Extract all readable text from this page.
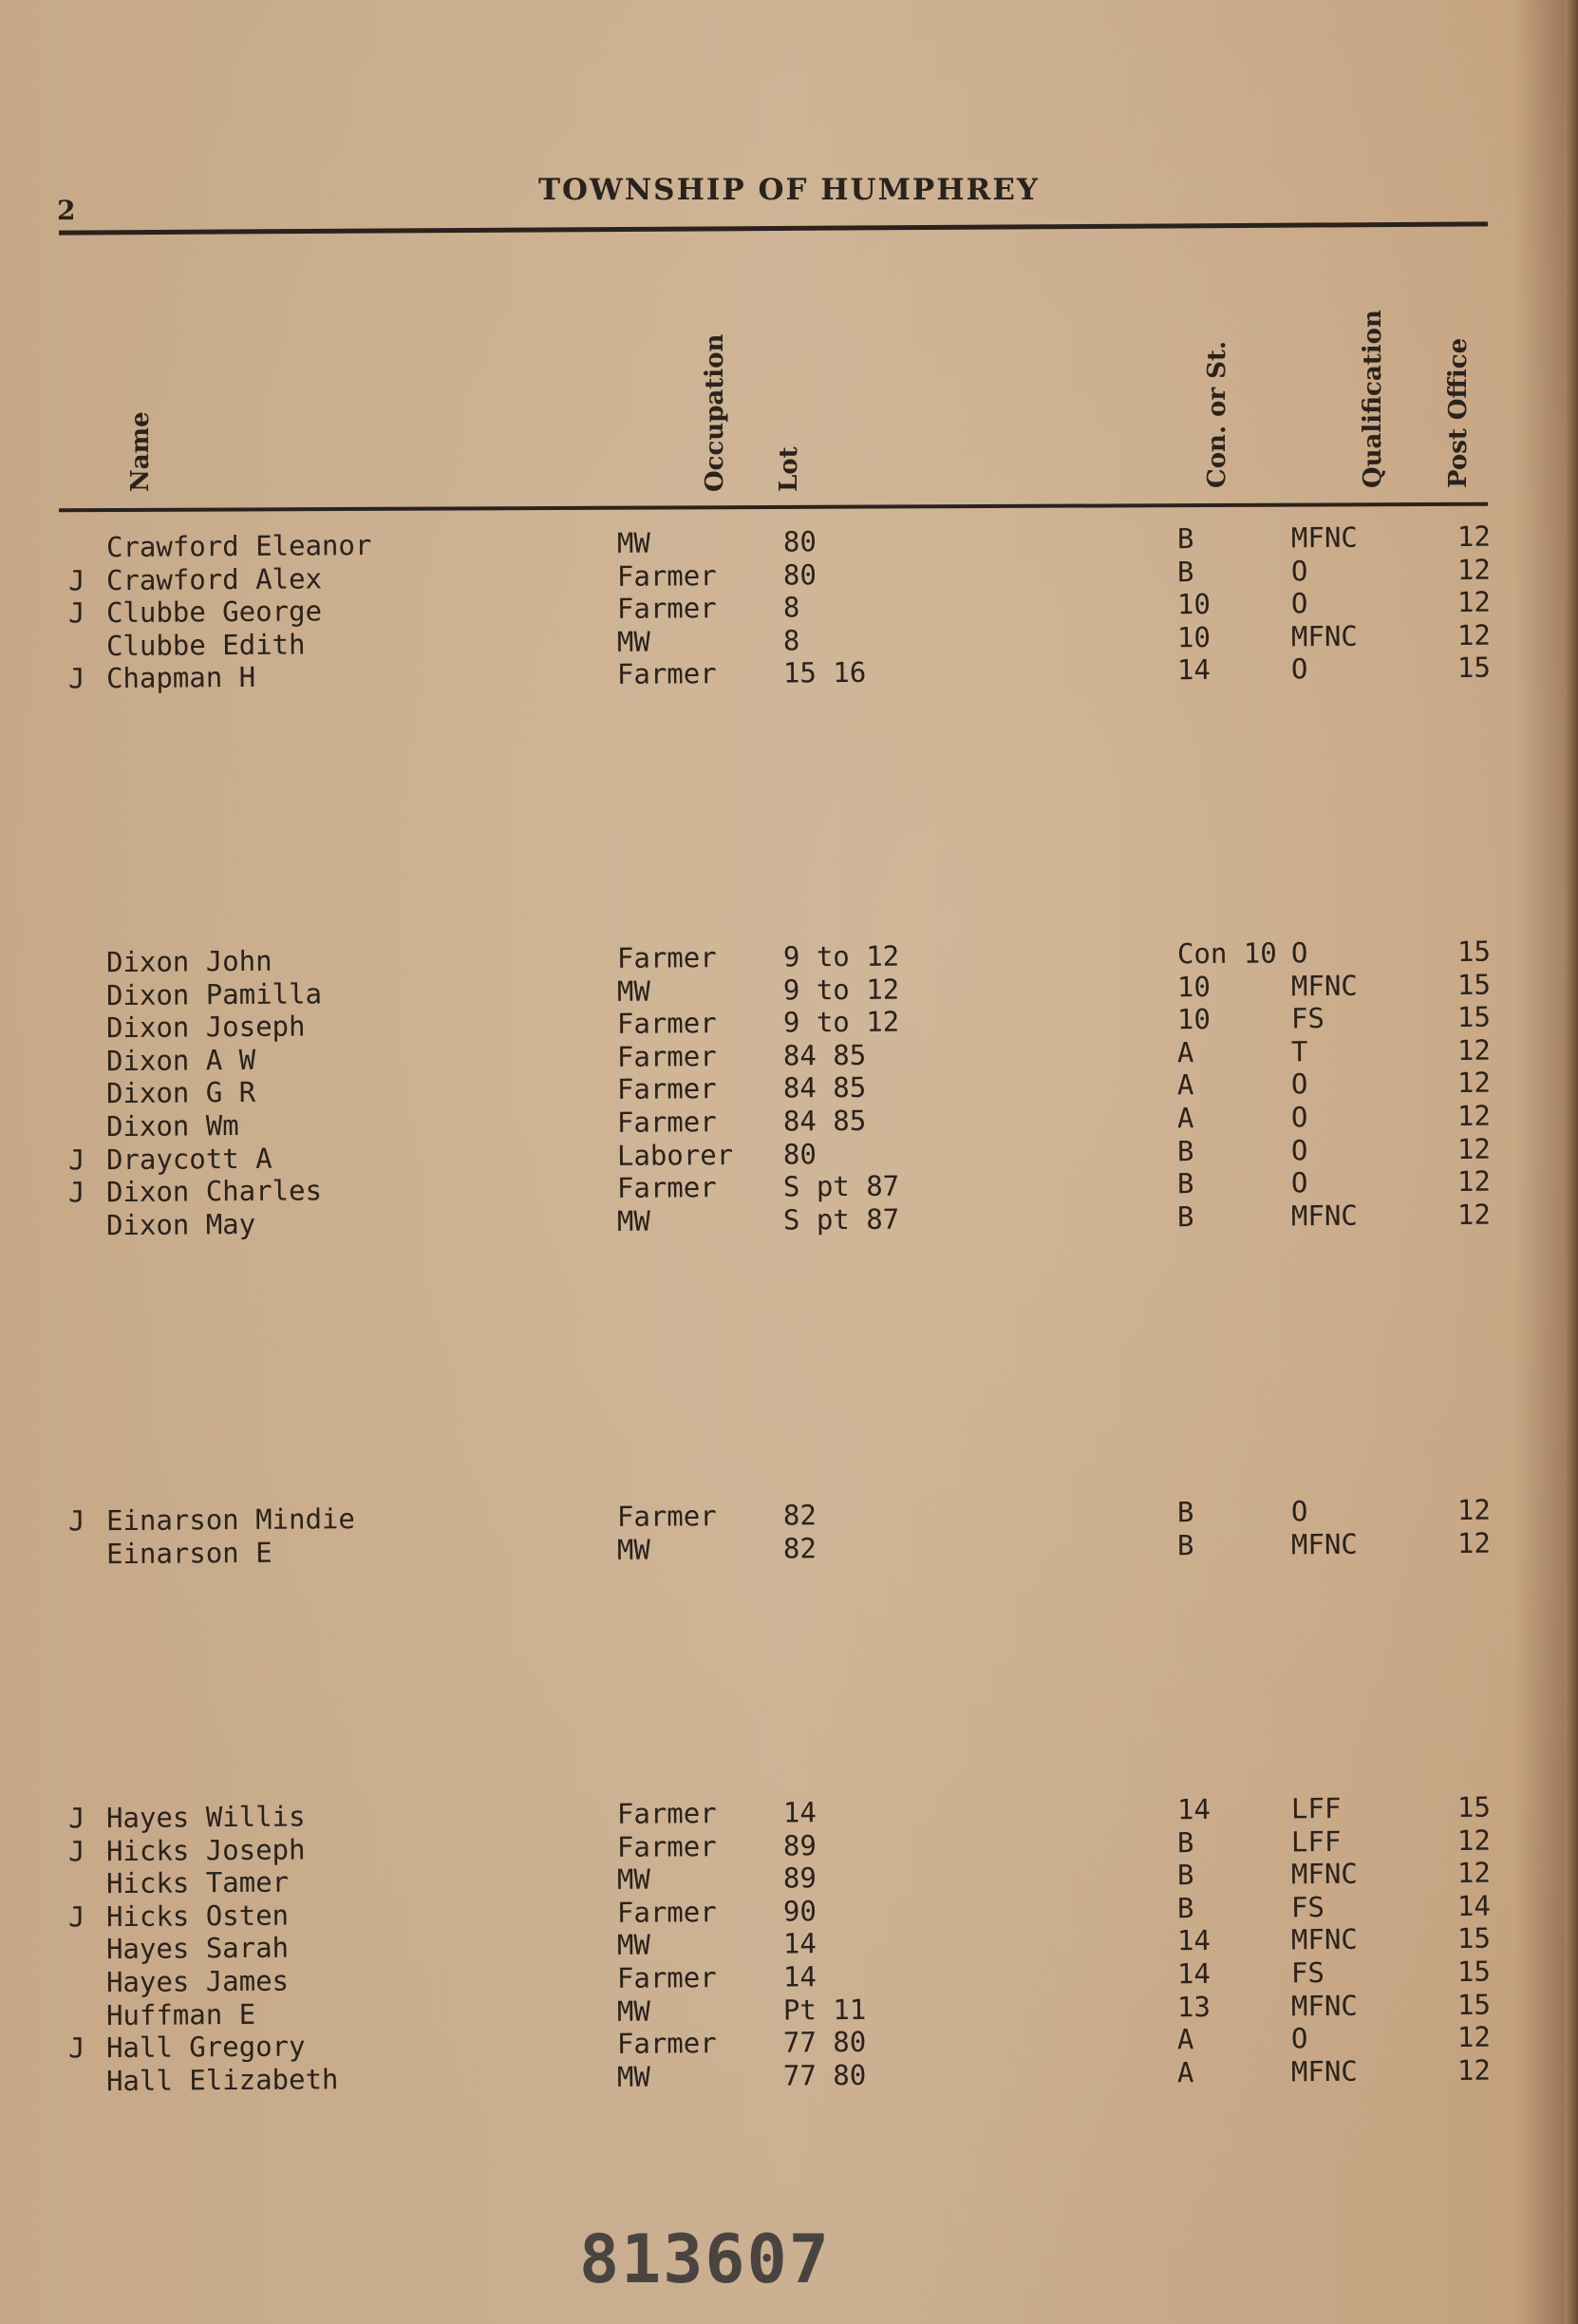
2
TOWNSHIP OF HUMPHREY
Name	Occupation Lot	Con. or St.	Qualification Post Office
Crawford Eleanor	MW	80	B	MFNC	12
J Crawford Alex	Farmer 80	B	O	12
J Clubbe George	Farmer 8	10	O	12
Clubbe Edith	MW	8	10	MFNC	12
J Chapman H	Farmer 15 16	14	O	15
Dixon John	Farmer 9 to 12	Con 10 O	15
Dixon Pamilla	MW	9 to 12	10	MFNC	15
Dixon Joseph	Farmer 9 to 12	10	FS	15
Dixon A W	Farmer 84 85	A	T	12
Dixon G R	Farmer 84 85	A	O	12
Dixon Wm	Farmer 84 85	A	O	12
J Draycott A	Laborer 80	B	O	12
J Dixon Charles	Farmer S pt 87	B	O	12
Dixon May	MW	S pt 87	B	MFNC	12
J Einarson Mindie	Farmer 82	B	O	12
Einarson E	MW	82	B	MFNC	12
J Hayes Willis	Farmer 14	14	LFF	15
J Hicks Joseph	Farmer 89	B	LFF	12
Hicks Tamer	MW	89	B	MFNC	12
J Hicks Osten	Farmer 90	B	FS	14
Hayes Sarah	MW	14	14	MFNC	15
Hayes James	Farmer 14	14	FS	15
Huffman E	MW	Pt 11	13	MFNC	15
J Hall Gregory	Farmer 77 80	A	O	12
Hall Elizabeth	MW	77 80	A	MFNC	12
813607
